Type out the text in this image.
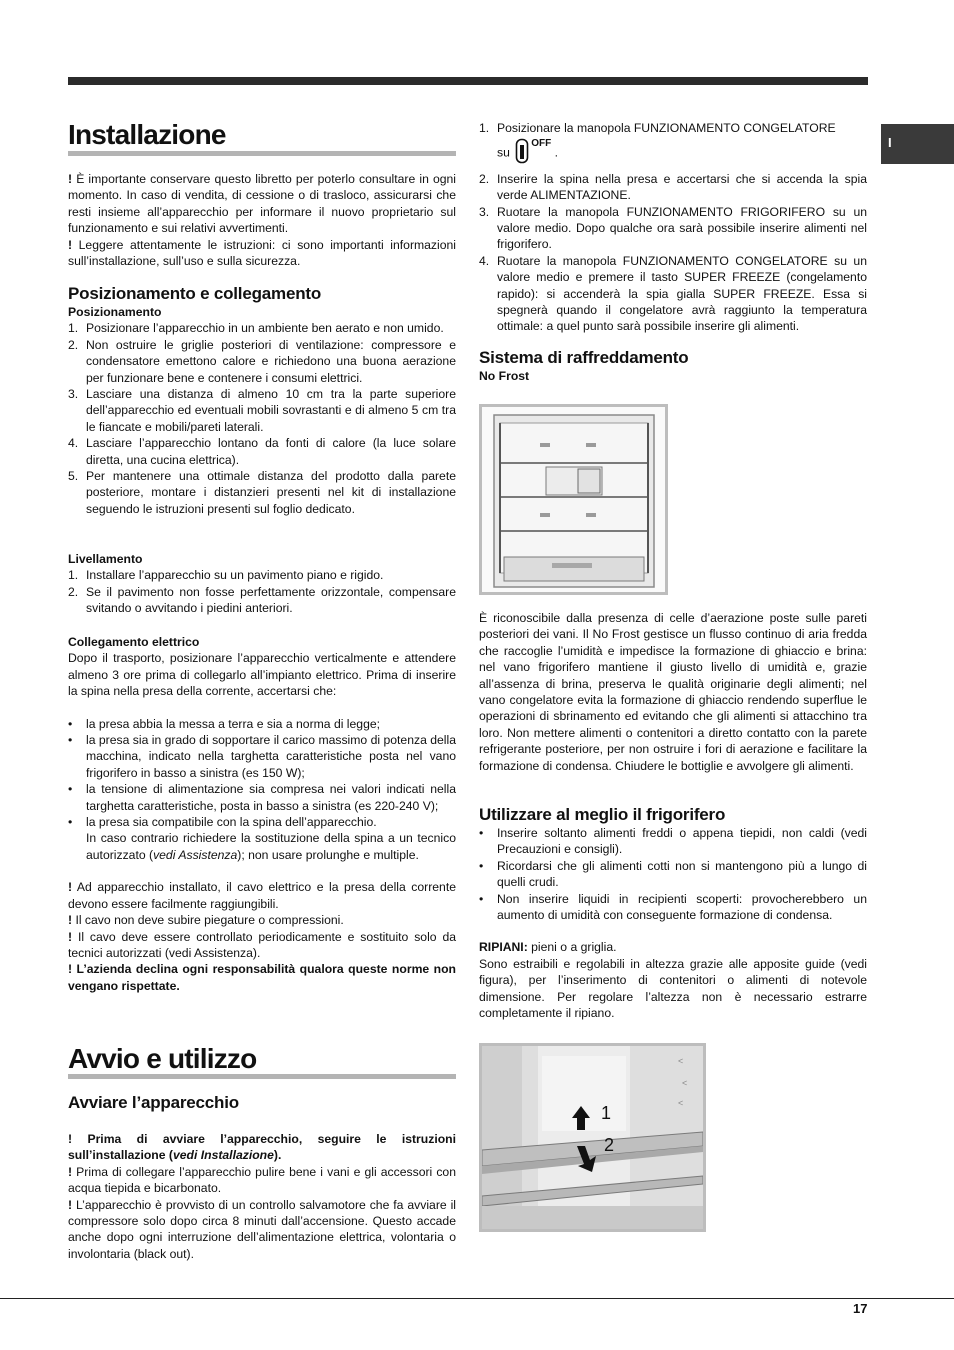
I
Installazione

! È importante conservare questo libretto per poterlo consultare in ogni momento. In caso di vendita, di cessione o di trasloco, assicurarsi che resti insieme all’apparecchio per informare il nuovo proprietario sul funzionamento e sui relativi avvertimenti.

! Leggere attentamente le istruzioni: ci sono importanti informazioni sull’installazione, sull’uso e sulla sicurezza.

Posizionamento e collegamento
Posizionamento
1. Posizionare l’apparecchio in un ambiente ben aerato e non umido.
2. Non ostruire le griglie posteriori di ventilazione: compressore e condensatore emettono calore e richiedono una buona aerazione per funzionare bene e contenere i consumi elettrici.
3. Lasciare una distanza di almeno 10 cm tra la parte superiore dell’apparecchio ed eventuali mobili sovrastanti e di almeno 5 cm tra le fiancate e mobili/pareti laterali.
4. Lasciare l’apparecchio lontano da fonti di calore (la luce solare diretta, una cucina elettrica).
5. Per mantenere una ottimale distanza del prodotto dalla parete posteriore, montare i distanzieri presenti nel kit di installazione seguendo le istruzioni presenti sul foglio dedicato.
Livellamento
1. Installare l’apparecchio su un pavimento piano e rigido.
2. Se il pavimento non fosse perfettamente orizzontale, compensare svitando o avvitando i piedini anteriori.
Collegamento elettrico

Dopo il trasporto, posizionare l’apparecchio verticalmente e attendere almeno 3 ore prima di collegarlo all’impianto elettrico. Prima di inserire la spina nella presa della corrente, accertarsi che:

• la presa abbia la messa a terra e sia a norma di legge;
• la presa sia in grado di sopportare il carico massimo di potenza della macchina, indicato nella targhetta caratteristiche posta nel vano frigorifero in basso a sinistra (es 150 W);
• la tensione di alimentazione sia compresa nei valori indicati nella targhetta caratteristiche, posta in basso a sinistra (es 220-240 V);
• la presa sia compatibile con la spina dell’apparecchio.
In caso contrario richiedere la sostituzione della spina a un tecnico autorizzato (vedi Assistenza); non usare prolunghe e multiple.

! Ad apparecchio installato, il cavo elettrico e la presa della corrente devono essere facilmente raggiungibili.

! Il cavo non deve subire piegature o compressioni.

! Il cavo deve essere controllato periodicamente e sostituito solo da tecnici autorizzati (vedi Assistenza).

! L’azienda declina ogni responsabilità qualora queste norme non vengano rispettate.

Avvio e utilizzo
Avviare l’apparecchio

! Prima di avviare l’apparecchio, seguire le istruzioni sull’installazione (vedi Installazione).

! Prima di collegare l’apparecchio pulire bene i vani e gli accessori con acqua tiepida e bicarbonato.

! L’apparecchio è provvisto di un controllo salvamotore che fa avviare il compressore solo dopo circa 8 minuti dall’accensione. Questo accade anche dopo ogni interruzione dell’alimentazione elettrica, volontaria o involontaria (black out).

1. Posizionare la manopola FUNZIONAMENTO CONGELATORE
su $^{OFF}$ .
2. Inserire la spina nella presa e accertarsi che si accenda la spia verde ALIMENTAZIONE.
3. Ruotare la manopola FUNZIONAMENTO FRIGORIFERO su un valore medio. Dopo qualche ora sarà possibile inserire alimenti nel frigorifero.
4. Ruotare la manopola FUNZIONAMENTO CONGELATORE su un valore medio e premere il tasto SUPER FREEZE (congelamento rapido): si accenderà la spia gialla SUPER FREEZE. Essa si spegnerà quando il congelatore avrà raggiunto la temperatura ottimale: a quel punto sarà possibile inserire gli alimenti.
Sistema di raffreddamento
No Frost

È riconoscibile dalla presenza di celle d’aerazione poste sulle pareti posteriori dei vani. Il No Frost gestisce un flusso continuo di aria fredda che raccoglie l’umidità e impedisce la formazione di ghiaccio e brina: nel vano frigorifero mantiene il giusto livello di umidità e, grazie all’assenza di brina, preserva le qualità originarie degli alimenti; nel vano congelatore evita la formazione di ghiaccio rendendo superflue le operazioni di sbrinamento ed evitando che gli alimenti si attacchino tra loro. Non mettere alimenti o contenitori a diretto contatto con la parete refrigerante posteriore, per non ostruire i fori di aerazione e facilitare la formazione di condensa. Chiudere le bottiglie e avvolgere gli alimenti.

Utilizzare al meglio il frigorifero
• Inserire soltanto alimenti freddi o appena tiepidi, non caldi (vedi Precauzioni e consigli).
• Ricordarsi che gli alimenti cotti non si mantengono più a lungo di quelli crudi.
• Non inserire liquidi in recipienti scoperti: provocherebbero un aumento di umidità con conseguente formazione di condensa.

RIPIANI: pieni o a griglia.

Sono estraibili e regolabili in altezza grazie alle apposite guide (vedi figura), per l’inserimento di contenitori o alimenti di notevole dimensione. Per regolare l’altezza non è necessario estrarre completamente il ripiano.

1
2
<
<
<
17
